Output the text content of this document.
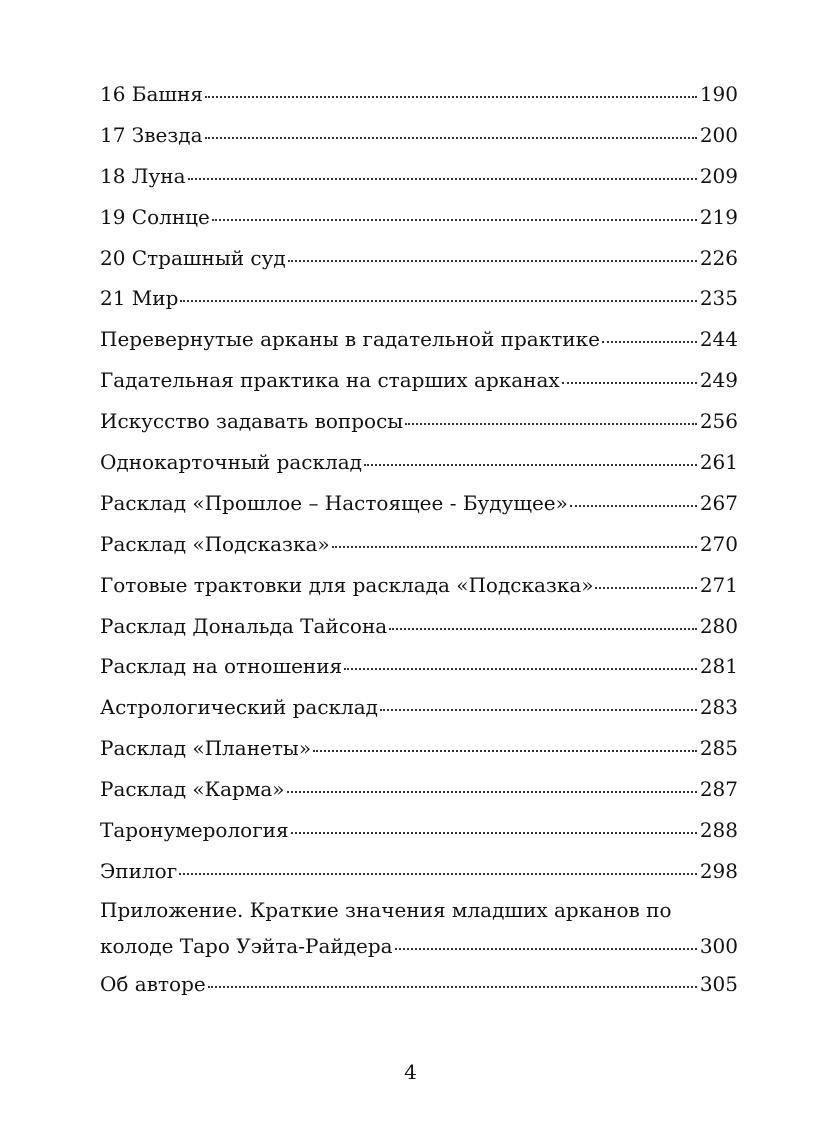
16 Башня	190
17 Звезда	200
18 Луна	209
19 Солнце	219
20 Страшный суд	226
21 Мир	235
Перевернутые арканы в гадательной практике	244
Гадательная практика на старших арканах	249
Искусство задавать вопросы	256
Однокарточный расклад	261
Расклад «Прошлое – Настоящее - Будущее»	267
Расклад «Подсказка»	270
Готовые трактовки для расклада «Подсказка»	271
Расклад Дональда Тайсона	280
Расклад на отношения	281
Астрологический расклад	283
Расклад «Планеты»	285
Расклад «Карма»	287
Таронумерология	288
Эпилог	298
Приложение. Краткие значения младших арканов по
колоде Таро Уэйта-Райдера	300
Об авторе	305
4
